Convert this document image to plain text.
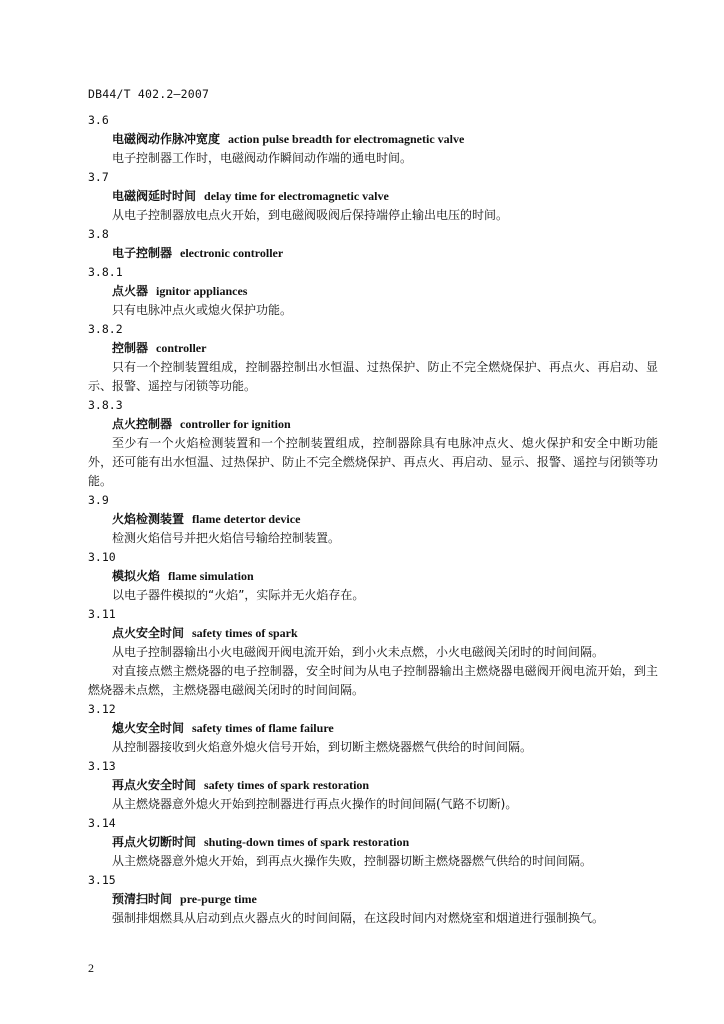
DB44/T 402.2—2007
3.6
电磁阀动作脉冲宽度 action pulse breadth for electromagnetic valve
电子控制器工作时，电磁阀动作瞬间动作端的通电时间。
3.7
电磁阀延时时间 delay time for electromagnetic valve
从电子控制器放电点火开始，到电磁阀吸阀后保持端停止输出电压的时间。
3.8
电子控制器 electronic controller
3.8.1
点火器 ignitor appliances
只有电脉冲点火或熄火保护功能。
3.8.2
控制器 controller
只有一个控制装置组成，控制器控制出水恒温、过热保护、防止不完全燃烧保护、再点火、再启动、显示、报警、遥控与闭锁等功能。
3.8.3
点火控制器 controller for ignition
至少有一个火焰检测装置和一个控制装置组成，控制器除具有电脉冲点火、熄火保护和安全中断功能外，还可能有出水恒温、过热保护、防止不完全燃烧保护、再点火、再启动、显示、报警、遥控与闭锁等功能。
3.9
火焰检测装置 flame detertor device
检测火焰信号并把火焰信号输给控制装置。
3.10
模拟火焰 flame simulation
以电子器件模拟的“火焰”，实际并无火焰存在。
3.11
点火安全时间 safety times of spark
从电子控制器输出小火电磁阀开阀电流开始，到小火未点燃，小火电磁阀关闭时的时间间隔。
对直接点燃主燃烧器的电子控制器，安全时间为从电子控制器输出主燃烧器电磁阀开阀电流开始，到主燃烧器未点燃，主燃烧器电磁阀关闭时的时间间隔。
3.12
熄火安全时间 safety times of flame failure
从控制器接收到火焰意外熄火信号开始，到切断主燃烧器燃气供给的时间间隔。
3.13
再点火安全时间 safety times of spark restoration
从主燃烧器意外熄火开始到控制器进行再点火操作的时间间隔(气路不切断)。
3.14
再点火切断时间 shuting-down times of spark restoration
从主燃烧器意外熄火开始，到再点火操作失败，控制器切断主燃烧器燃气供给的时间间隔。
3.15
预清扫时间 pre-purge time
强制排烟燃具从启动到点火器点火的时间间隔，在这段时间内对燃烧室和烟道进行强制换气。
2
